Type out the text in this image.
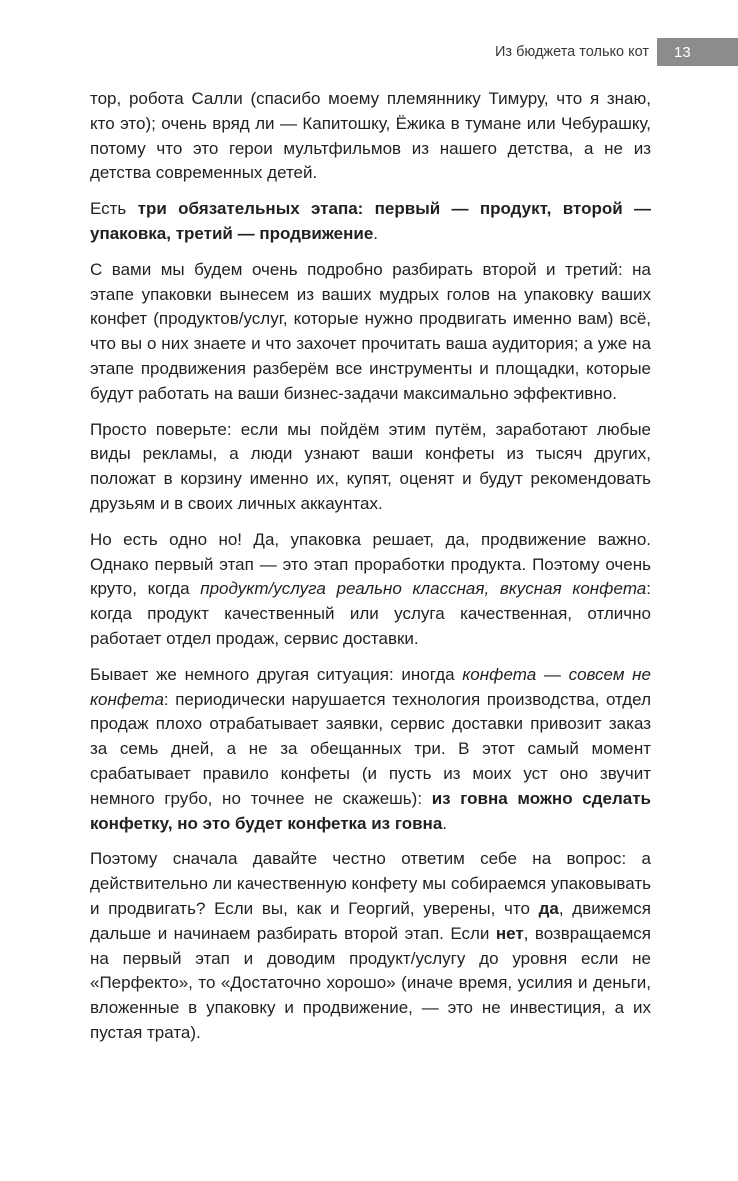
Из бюджета только кот	13

тор, робота Салли (спасибо моему племяннику Тимуру, что я знаю, кто это); очень вряд ли — Капитошку, Ёжика в тумане или Чебурашку, потому что это герои мультфильмов из нашего детства, а не из детства современных детей.

Есть три обязательных этапа: первый — продукт, второй — упаковка, третий — продвижение.

С вами мы будем очень подробно разбирать второй и третий: на этапе упаковки вынесем из ваших мудрых голов на упаковку ваших конфет (продуктов/услуг, которые нужно продвигать именно вам) всё, что вы о них знаете и что захочет прочитать ваша аудитория; а уже на этапе продвижения разберём все инструменты и площадки, которые будут работать на ваши бизнес-задачи максимально эффективно.

Просто поверьте: если мы пойдём этим путём, заработают любые виды рекламы, а люди узнают ваши конфеты из тысяч других, положат в корзину именно их, купят, оценят и будут рекомендовать друзьям и в своих личных аккаунтах.

Но есть одно но! Да, упаковка решает, да, продвижение важно. Однако первый этап — это этап проработки продукта. Поэтому очень круто, когда продукт/услуга реально классная, вкусная конфета: когда продукт качественный или услуга качественная, отлично работает отдел продаж, сервис доставки.

Бывает же немного другая ситуация: иногда конфета — совсем не конфета: периодически нарушается технология производства, отдел продаж плохо отрабатывает заявки, сервис доставки привозит заказ за семь дней, а не за обещанных три. В этот самый момент срабатывает правило конфеты (и пусть из моих уст оно звучит немного грубо, но точнее не скажешь): из говна можно сделать конфетку, но это будет конфетка из говна.

Поэтому сначала давайте честно ответим себе на вопрос: а действительно ли качественную конфету мы собираемся упаковывать и продвигать? Если вы, как и Георгий, уверены, что да, движемся дальше и начинаем разбирать второй этап. Если нет, возвращаемся на первый этап и доводим продукт/услугу до уровня если не «Перфекто», то «Достаточно хорошо» (иначе время, усилия и деньги, вложенные в упаковку и продвижение, — это не инвестиция, а их пустая трата).
